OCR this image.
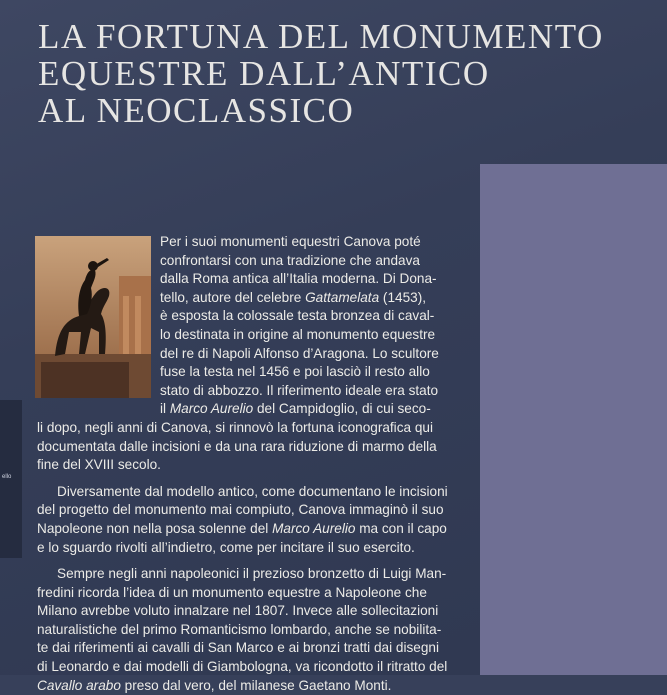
ello
LA FORTUNA DEL MONUMENTO
EQUESTRE DALL’ANTICO
AL NEOCLASSICO

Per i suoi monumenti equestri Canova poté
confrontarsi con una tradizione che andava
dalla Roma antica all’Italia moderna. Di Dona-
tello, autore del celebre Gattamelata (1453),
è esposta la colossale testa bronzea di caval-
lo destinata in origine al monumento equestre
del re di Napoli Alfonso d’Aragona. Lo scultore
fuse la testa nel 1456 e poi lasciò il resto allo
stato di abbozzo. Il riferimento ideale era stato
il Marco Aurelio del Campidoglio, di cui seco-
li dopo, negli anni di Canova, si rinnovò la fortuna iconografica qui
documentata dalle incisioni e da una rara riduzione di marmo della
fine del XVIII secolo.

Diversamente dal modello antico, come documentano le incisioni
del progetto del monumento mai compiuto, Canova immaginò il suo
Napoleone non nella posa solenne del Marco Aurelio ma con il capo
e lo sguardo rivolti all’indietro, come per incitare il suo esercito.

Sempre negli anni napoleonici il prezioso bronzetto di Luigi Man-
fredini ricorda l’idea di un monumento equestre a Napoleone che
Milano avrebbe voluto innalzare nel 1807. Invece alle sollecitazioni
naturalistiche del primo Romanticismo lombardo, anche se nobilita-
te dai riferimenti ai cavalli di San Marco e ai bronzi tratti dai disegni
di Leonardo e dai modelli di Giambologna, va ricondotto il ritratto del
Cavallo arabo preso dal vero, del milanese Gaetano Monti.
